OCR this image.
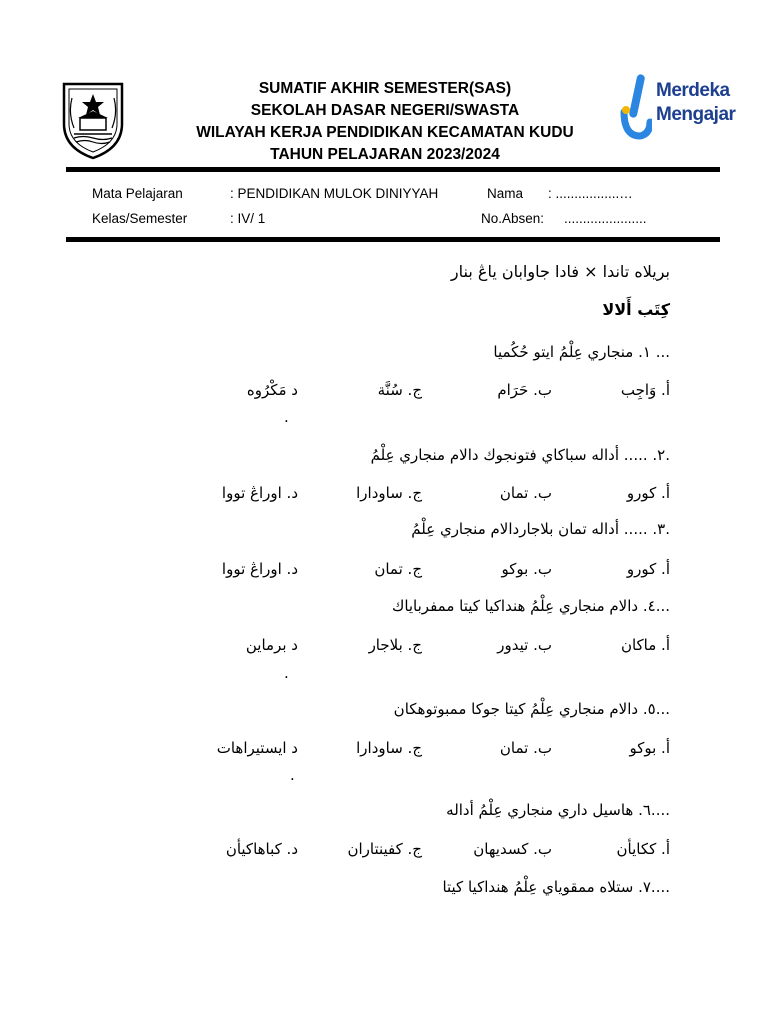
SUMATIF AKHIR SEMESTER(SAS)
SEKOLAH DASAR NEGERI/SWASTA
WILAYAH KERJA PENDIDIKAN KECAMATAN KUDU
TAHUN PELAJARAN 2023/2024
Merdeka
Mengajar
Mata Pelajaran	: PENDIDIKAN MULOK DINIYYAH	Nama : .................…
Kelas/Semester	: IV/ 1	No.Absen: ......................
بريلاه تاندا × فادا جاوابان ياڠ بنار
كِتَب أَلالا
... ١. منجاري عِلْمُ ايتو حُكُميا
أ. وَاجِب
ب. حَرَام
ج. سُنَّة
د مَكْرُوه
.
.٢. ..... أداله سباكاي فتونجوك دالام منجاري عِلْمُ
أ. كورو
ب. تمان
ج. ساودارا
د. اوراڠ تووا
.٣. ..... أداله تمان بلاجاردالام منجاري عِلْمُ
أ. كورو
ب. بوكو
ج. تمان
د. اوراڠ تووا
...٤. دالام منجاري عِلْمُ هنداكيا كيتا ممفرباياك
أ. ماكان
ب. تيدور
ج. بلاجار
د برماين
.
...٥. دالام منجاري عِلْمُ كيتا جوكا ممبوتوهكان
أ. بوكو
ب. تمان
ج. ساودارا
د ايستيراهات
.
....٦. هاسيل داري منجاري عِلْمُ أداله
أ. ككايأن
ب. كسديهان
ج. كفينتاران
د. كباهاكيأن
....٧. ستلاه ممقوياي عِلْمُ هنداكيا كيتا
